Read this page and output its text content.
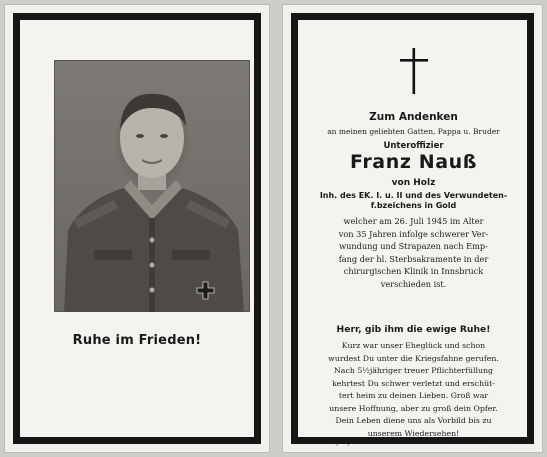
Ruhe im Frieden!
Zum Andenken
an meinen geliebten Gatten, Pappa u. Bruder
Unteroffizier
Franz Nauß
von Holz
Inh. des EK. I. u. II und des Verwundeten-
f.bzeichens in Gold
welcher am 26. Juli 1945 im Alter
von 35 Jahren infolge schwerer Ver-
wundung und Strapazen nach Emp-
fang der hl. Sterbsakramente in der
chirurgischen Klinik in Innsbruck
verschieden ist.
Herr, gib ihm die ewige Ruhe!
Kurz war unser Eheglück und schon
wurdest Du unter die Kriegsfahne gerufen.
Nach 5½jähriger treuer Pflichterfüllung
kehrtest Du schwer verletzt und erschüt-
tert heim zu deinen Lieben. Groß war
unsere Hoffnung, aber zu groß dein Opfer.
Dein Leben diene uns als Vorbild bis zu
unserem Wiedersehen!
Außerferner Buchdruckerei Reutte	6230
